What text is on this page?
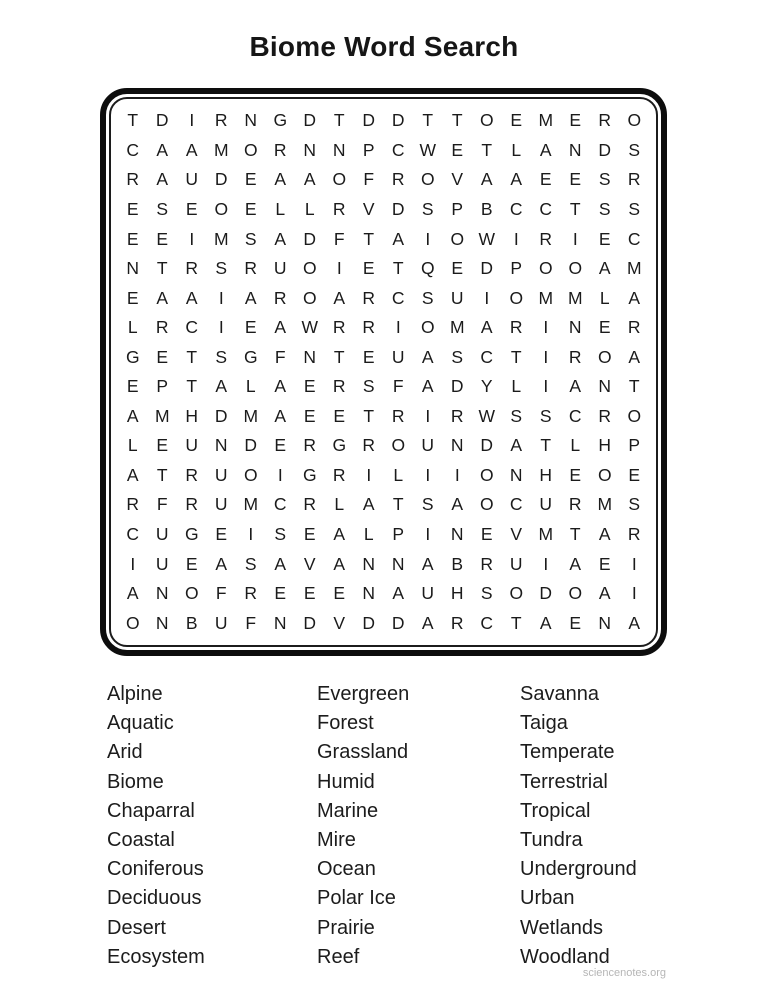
Biome Word Search
T	D	I	R N G D	T	D D	T	T O E M E R O
C A	A M O R N N P C W E	T	L	A N D S
R A U D E	A	A O F	R O V	A	A	E	E	S R
E	S	E O E	L	L	R V D S	P	B C C	T	S	S
E	E	I	M S	A D	F	T	A	I	O W	I	R	I	E C
N	T	R S R U O	I	E	T Q E D P O O A M
E	A	A	I	A R O A R C S U	I	O M M L	A
L	R C	I	E	A W R R	I	O M A R	I	N E R
G E	T	S G F	N	T	E U A	S C	T	I	R O A
E	P	T	A	L	A	E R S	F	A D Y	L	I	A N	T
A M H D M A	E	E	T	R	I	R W S	S C R O
L	E U N D E R G R O U N D A	T	L	H P
A	T	R U O	I	G R	I	L	I	I	O N H E O E
R	F	R U M C R	L	A	T	S	A O C U R M S
C U G E	I	S	E	A	L	P	I	N E	V M T	A R
I	U E	A	S	A	V	A N N A	B R U	I	A	E	I
A N O F	R E	E	E N A U H S O D O A	I
O N B U	F	N D V D D A R C	T	A	E N A
Alpine
Aquatic
Arid
Biome
Chaparral
Coastal
Coniferous
Deciduous
Desert
Ecosystem
Evergreen
Forest
Grassland
Humid
Marine
Mire
Ocean
Polar Ice
Prairie
Reef
Savanna
Taiga
Temperate
Terrestrial
Tropical
Tundra
Underground
Urban
Wetlands
Woodland
sciencenotes.org
